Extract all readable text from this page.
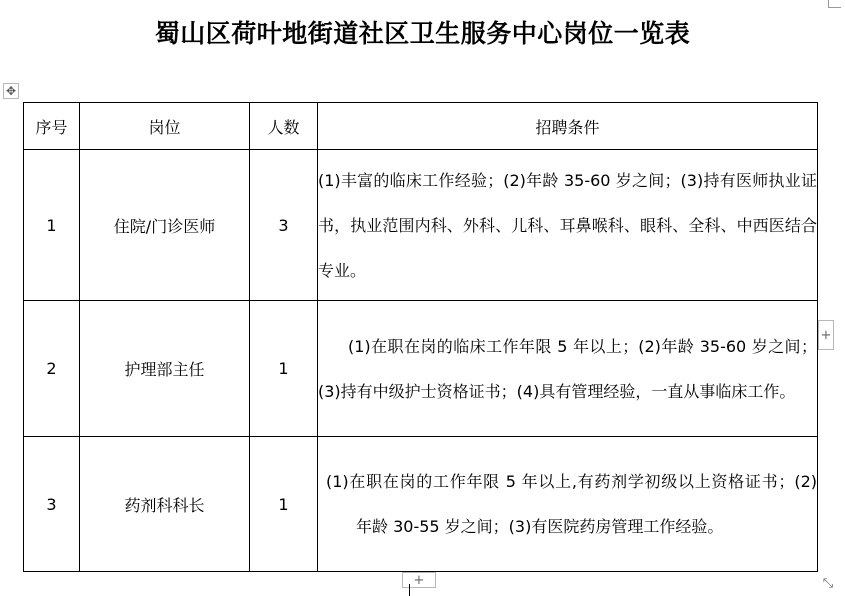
蜀山区荷叶地街道社区卫生服务中心岗位一览表
✥
序号	岗位	人数	招聘条件
1	住院/门诊医师	3	(1)丰富的临床工作经验；(2)年龄 35-60 岁之间；(3)持有医师执业证书，执业范围内科、外科、儿科、耳鼻喉科、眼科、全科、中西医结合专业。
2	护理部主任	1	(1)在职在岗的临床工作年限 5 年以上；(2)年龄 35-60 岁之间；(3)持有中级护士资格证书；(4)具有管理经验，一直从事临床工作。
3	药剂科科长	1	(1)在职在岗的工作年限 5 年以上,有药剂学初级以上资格证书；(2) 年龄 30-55 岁之间；(3)有医院药房管理工作经验。
+
+	⤡
